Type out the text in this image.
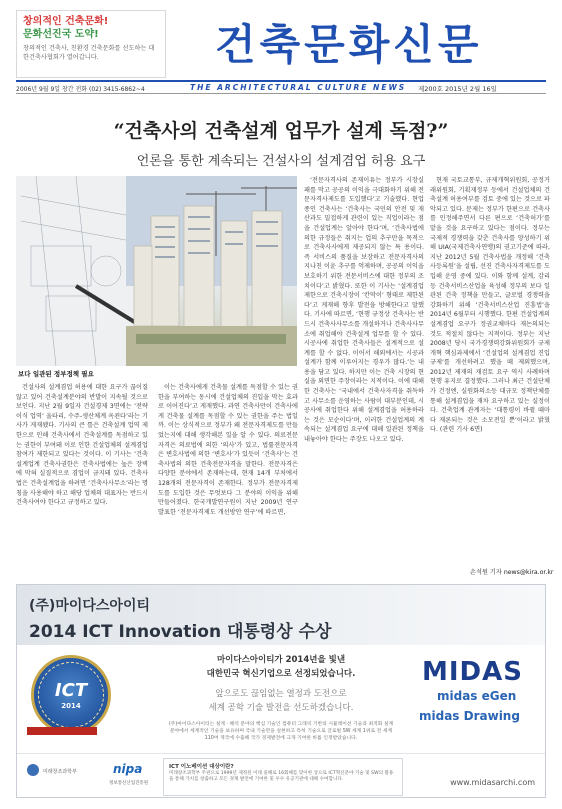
창의적인 건축문화!
문화선진국 도약!
창의적인 건축사, 친환경 건축문화를 선도하는 대한건축사협회가 열어갑니다.	건축문화신문
2006년 9월 9일 창간 전화 (02) 3415-6862~4	THE ARCHITECTURAL CULTURE NEWS 제200호 2015년 2월 16일
“건축사의 건축설계 업무가 설계 독점?”
언론을 통한 계속되는 건설사의 설계겸업 허용 요구
보다 일관된 정부정책 필요

건설사의 설계겸업 허용에 대한 요구가 끊이질 않고 있어 건축설계분야의 반발이 지속될 것으로 보인다. 지난 2월 9일자 건설경제 3면에는 ‘전략이식 업역’ 울타리, 수주-생산체계 옥죈다’라는 기사가 게재됐다. 기사의 큰 틀은 건축설계 업역 제한으로 인해 건축사에서 건축설계를 독점하고 있는 권한이 부여돼 이로 인한 건설업체의 설계겸업 참여가 제한되고 있다는 것이다. 이 기사는 ‘건축설계업계 건축사권한은 건축사법에는 높은 장벽에 막혀 실질적으로 겸업이 금지돼 있다. 건축사법은 건축설계업을 하려면 ‘건축사사무소’라는 명칭을 사용해야 하고 해당 업체의 대표자는 반드시 건축사여야 한다고 규정하고 있다.

이는 건축사에게 건축물 설계를 독점할 수 있는 권한을 부여하는 동시에 건설업체의 진입을 막는 효과로 이어진다’고 게재했다. 과연 건축사만이 건축사에게 건축물 설계를 독점할 수 있는 권한을 주는 법일까. 이는 상식적으로 정부가 왜 전문자격제도를 만들었는지에 대해 생각해본 일을 알 수 있다. 의료전문자격은 의료법에 의한 ‘의사’가 있고, 법률전문자격은 변호사법에 의한 ‘변호사’가 있듯이 ‘건축사’는 건축사법의 의한 건축전문자격을 말한다. 전문자격은 다양한 분야에서 존재하는데, 현재 14개 부처에서 128개의 전문자격이 존재한다. 정부가 전문자격제도를 도입한 것은 무엇보다 그 분야의 이익을 위해 만들어졌다. 한국개발연구원이 지난 2009년 연구 발표한 ‘전문자격제도 개선방안 연구’에 따르면,

‘전문자격사의 존재이유는 정부가 시장실패를 막고 공공의 이익을 극대화하기 위해 전문자격사제도를 도입했다’고 기술했다. 현업 종인 건축사는 ‘건축사는 국민의 안전 및 재산과도 밀접하게 관련이 있는 직업이라는 점을 건설업계는 알아야 한다’며, ‘건축사법에 의한 규정들은 취지는 업의 추구만을 목적으로 건축사사에게 제공되지 않는 특 용이다. 즉 서비스의 품질을 보장하고 전문자격사의 지나친 이윤 추구를 억제하며, 공공의 이익을 보호하기 위한 전문서비스에 대한 정부의 조치이다’고 밝혔다. 또한 이 기사는 ‘설계겸업 제한으로 건축시장이 ‘칸막이’ 형태로 제한된다’고 게재해 향후 발전을 방해한다고 말했다. 기사에 따르면, ‘현행 규정상 건축사는 반드시 건축사사무소를 개설하거나 건축사사무소에 취업해야 건축설계 업무를 할 수 있다. 시공사에 취업한 건축사들은 설계적으로 설계를 할 수 없다. 이어서 해외에서는 시공과 설계가 함께 이루어지는 경우가 많다.’는 내용을 담고 있다. 하지만 이는 건축 시장의 현실을 외면한 주장이라는 지적이다. 이에 대해 한 건축사는 ‘국내에서 건축사자격을 취득하고 사무소를 운영하는 사람이 대부분인데, 시공사에 취업한다 위해 설계겸업을 허용하라는 것은 모순이다’며, 이러한 건설업계의 계속되는 설계겸업 요구에 대해 일관된 정책을 내놓아야 한다는 주장도 나오고 있다.

현재 국토교통부, 규제개혁위원회, 공정거래위원회, 기획재정부 등에서 건설업체의 건축설계 허용여부를 검토 중에 있는 것으로 파악되고 있다. 문제는 정부가 한편으로 건축사를 인정해주면서 다른 편으로 ‘건축허가’를 맡을 것을 요구하고 있다는 점이다. 정부는 국제적 경쟁력을 갖춘 건축사를 양성하기 위해 UIA(국제건축사연맹)의 권고기준에 따라, 지난 2012년 5월 건축사법을 개정해 ‘건축사등록원’을 설립, 선진 건축사자격제도를 도입해 운영 중에 있다. 이와 함께 설계, 감리 등 건축서비스산업을 육성해 정부의 보다 일관된 건축 정책을 만들고, 글로벌 경쟁력을 강화하기 위해 ‘건축서비스산업 진흥법’을 2014년 6월부터 시행했다. 한편 건설업계의 설계겸업 요구가 정권교체마다 재논의되는 것도 적절치 않다는 지적이다. 정부는 지난 2008년 당시 국가경쟁력강화위원회가 규제개혁 핵심과제에서 ‘건설업의 설계겸업 진입규제’를 개선하려고 했을 때 제외했으며, 2012년 제재의 재검토 요구 역시 사례하며 현행 유지로 결정했다. 그러나 최근 건설단체가 건정엔, 실원화의소등 대규모 정책단체를 통해 설계겸업을 재차 요구하고 있는 실정이다. 건축업계 관계자는 ‘대통령이 바뀔 때마다 재론되는 것은 소모전일 뿐’이라고 밝혔다. (관련 기사 6면)

손석원 기자 news@kira.or.kr
(주)마이다스아이티
2014 ICT Innovation 대통령상 수상
ICT
2014
마이다스아이티가 2014년을 빛낸
대한민국 혁신기업으로 선정되었습니다.
앞으로도 끊임없는 열정과 도전으로
세계 공학 기술 발전을 선도하겠습니다.
(주)마이다스아이티는 설계 · 해석 분야의 핵심 기술인 컴퓨터 그래픽 기반의 시뮬레이션 기술과 최적화 설계분야에서 세계적인 기술을 보유하며 국내 기술만을 실현하고 특허 기술으로 글로벌 SW 세계 1위로 전 세계 110여 개국에 수출해 국가 경제발전에 크게 기여한 바를 인정받았습니다.
MIDAS
midas eGen
midas Drawing
미래창조과학부	nipa
정보통신산업진흥원
ICT 이노베이션 대상이란?
미래창조과학부 주관으로 1999년 제정된 이래 올해로 16회째를 맞이한 상으로 ICT혁신분야 기술 및 SW의 활용을 통해 가치를 창출하고 모든 경제 발전에 기여한 및 우수 유공기관에 대해 수여합니다.	www.midasarchi.com
